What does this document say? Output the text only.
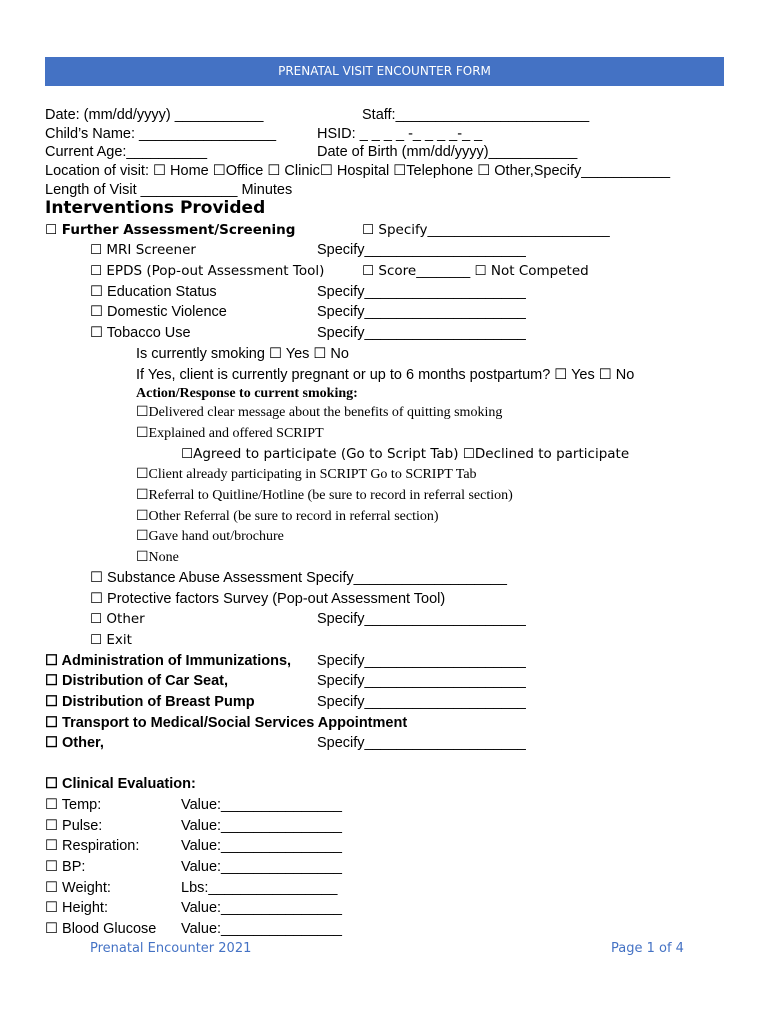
PRENATAL VISIT ENCOUNTER FORM
Date: (mm/dd/yyyy) ___________	Staff:________________________
Child’s Name: _________________	HSID: _ _ _ _ -_ _ _ _-_ _
Current Age:__________	Date of Birth (mm/dd/yyyy)___________
Location of visit: ☐ Home ☐Office ☐ Clinic☐ Hospital ☐Telephone ☐ Other,Specify___________
Length of Visit ____________ Minutes
Interventions Provided
☐ Further Assessment/Screening	☐ Specify___________________________
☐ MRI Screener	Specify____________________
☐ EPDS (Pop-out Assessment Tool)	☐ Score________ ☐ Not Competed
☐ Education Status	Specify____________________
☐ Domestic Violence	Specify____________________
☐ Tobacco Use	Specify____________________
Is currently smoking ☐ Yes ☐ No
If Yes, client is currently pregnant or up to 6 months postpartum? ☐ Yes ☐ No
Action/Response to current smoking:
☐Delivered clear message about the benefits of quitting smoking
☐Explained and offered SCRIPT
☐Agreed to participate (Go to Script Tab) ☐Declined to participate
☐Client already participating in SCRIPT Go to SCRIPT Tab
☐Referral to Quitline/Hotline (be sure to record in referral section)
☐Other Referral (be sure to record in referral section)
☐Gave hand out/brochure
☐None
☐ Substance Abuse Assessment Specify___________________
☐ Protective factors Survey (Pop-out Assessment Tool)
☐ Other	Specify____________________
☐ Exit
☐ Administration of Immunizations, Specify____________________
☐ Distribution of Car Seat,	Specify____________________
☐ Distribution of Breast Pump	Specify____________________
☐ Transport to Medical/Social Services Appointment
☐ Other,	Specify____________________
☐ Clinical Evaluation:
☐ Temp:	Value:_______________
☐ Pulse:	Value:_______________
☐ Respiration:	Value:_______________
☐ BP:	Value:_______________
☐ Weight:	Lbs:________________
☐ Height:	Value:_______________
☐ Blood Glucose Value:_______________
Prenatal Encounter 2021	Page 1 of 4
